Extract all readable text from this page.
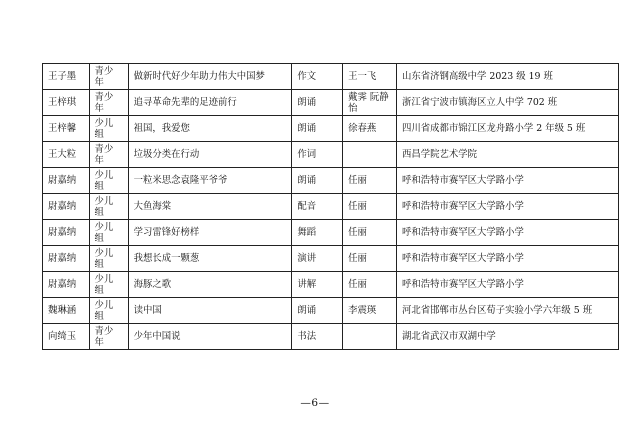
王子墨	青少年	做新时代好少年助力伟大中国梦	作文	王一飞	山东省济钢高级中学 2023 级 19 班
王梓琪	青少年	追寻革命先辈的足迹前行	朗诵	戴霁 阮静怡	浙江省宁波市镇海区立人中学 702 班
王梓馨	少儿组	祖国，我爱您	朗诵	徐春燕	四川省成都市锦江区龙舟路小学 2 年级 5 班
王大粒	青少年	垃圾分类在行动	作词		西昌学院艺术学院
尉嘉纳	少儿组	一粒米思念袁隆平爷爷	朗诵	任丽	呼和浩特市赛罕区大学路小学
尉嘉纳	少儿组	大鱼海棠	配音	任丽	呼和浩特市赛罕区大学路小学
尉嘉纳	少儿组	学习雷锋好榜样	舞蹈	任丽	呼和浩特市赛罕区大学路小学
尉嘉纳	少儿组	我想长成一颗葱	演讲	任丽	呼和浩特市赛罕区大学路小学
尉嘉纳	少儿组	海豚之歌	讲解	任丽	呼和浩特市赛罕区大学路小学
魏琳涵	少儿组	读中国	朗诵	李震瑛	河北省邯郸市丛台区荀子实验小学六年级 5 班
向绮玉	青少年	少年中国说	书法		湖北省武汉市双湖中学
—6—
